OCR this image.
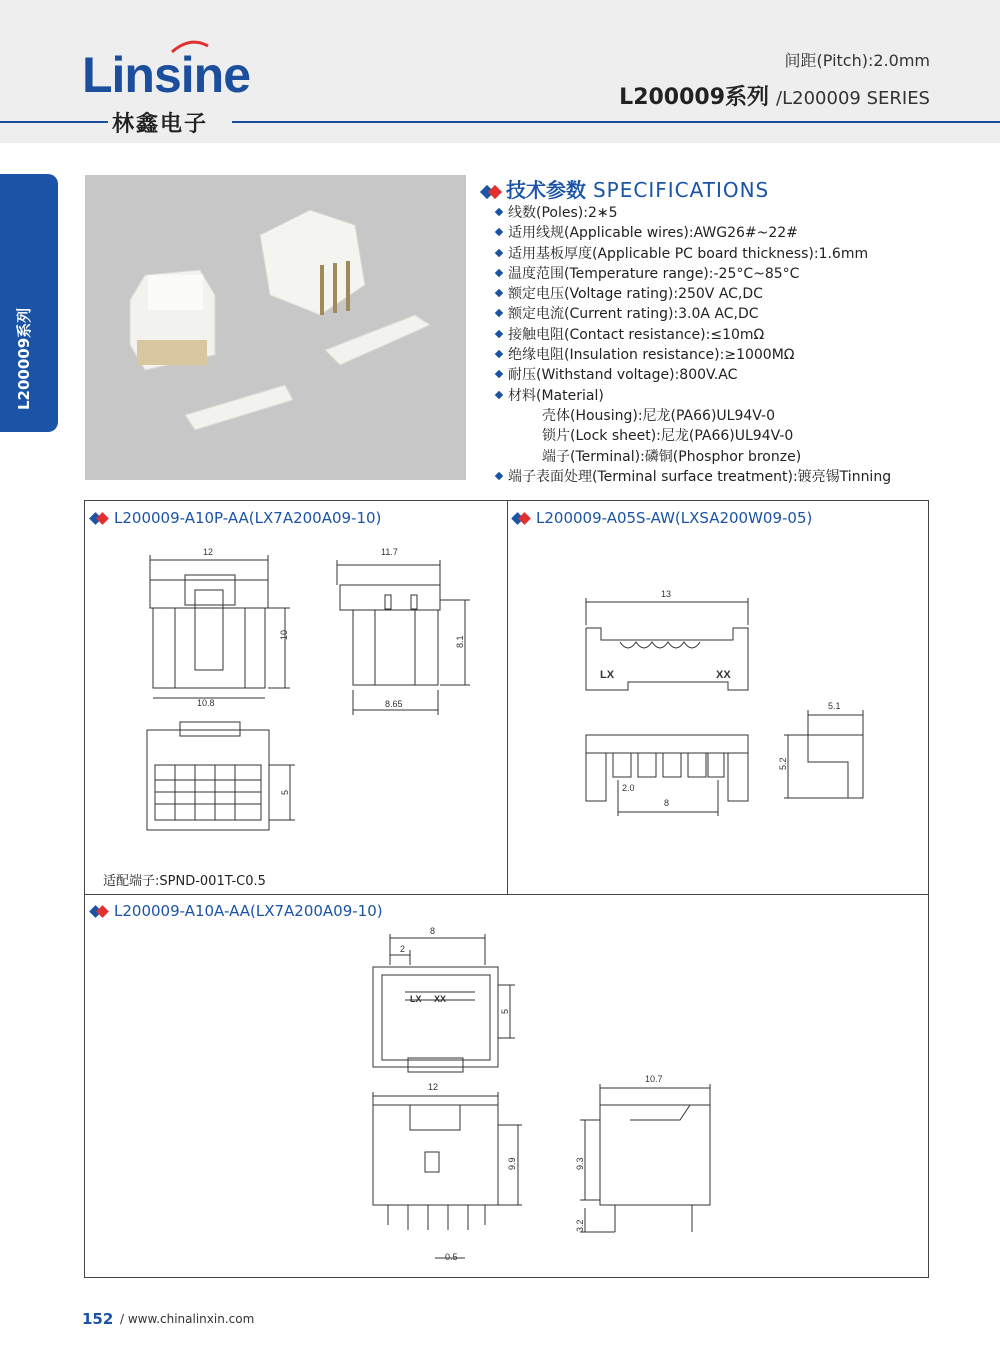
Linsine
林鑫电子
间距(Pitch):2.0mm
L200009系列 /L200009 SERIES
L200009系列
技术参数 SPECIFICATIONS
线数(Poles):2∗5
适用线规(Applicable wires):AWG26#~22#
适用基板厚度(Applicable PC board thickness):1.6mm
温度范围(Temperature range):-25°C~85°C
额定电压(Voltage rating):250V AC,DC
额定电流(Current rating):3.0A AC,DC
接触电阻(Contact resistance):≤10mΩ
绝缘电阻(Insulation resistance):≥1000MΩ
耐压(Withstand voltage):800V.AC
材料(Material)
壳体(Housing):尼龙(PA66)UL94V-0
锁片(Lock sheet):尼龙(PA66)UL94V-0
端子(Terminal):磷铜(Phosphor bronze)
端子表面处理(Terminal surface treatment):镀亮锡Tinning
L200009-A10P-AA(LX7A200A09-10)	L200009-A05S-AW(LXSA200W09-05)
L200009-A10A-AA(LX7A200A09-10)
适配端子:SPND-001T-C0.5
12
10
10.8
11.7
8.1
8.65
5
13
LX	XX
2.0
8
5.1
5.2
8
2
LX XX
5
12
9.9
0.5
10.7
9.3
3.2
152 / www.chinalinxin.com
